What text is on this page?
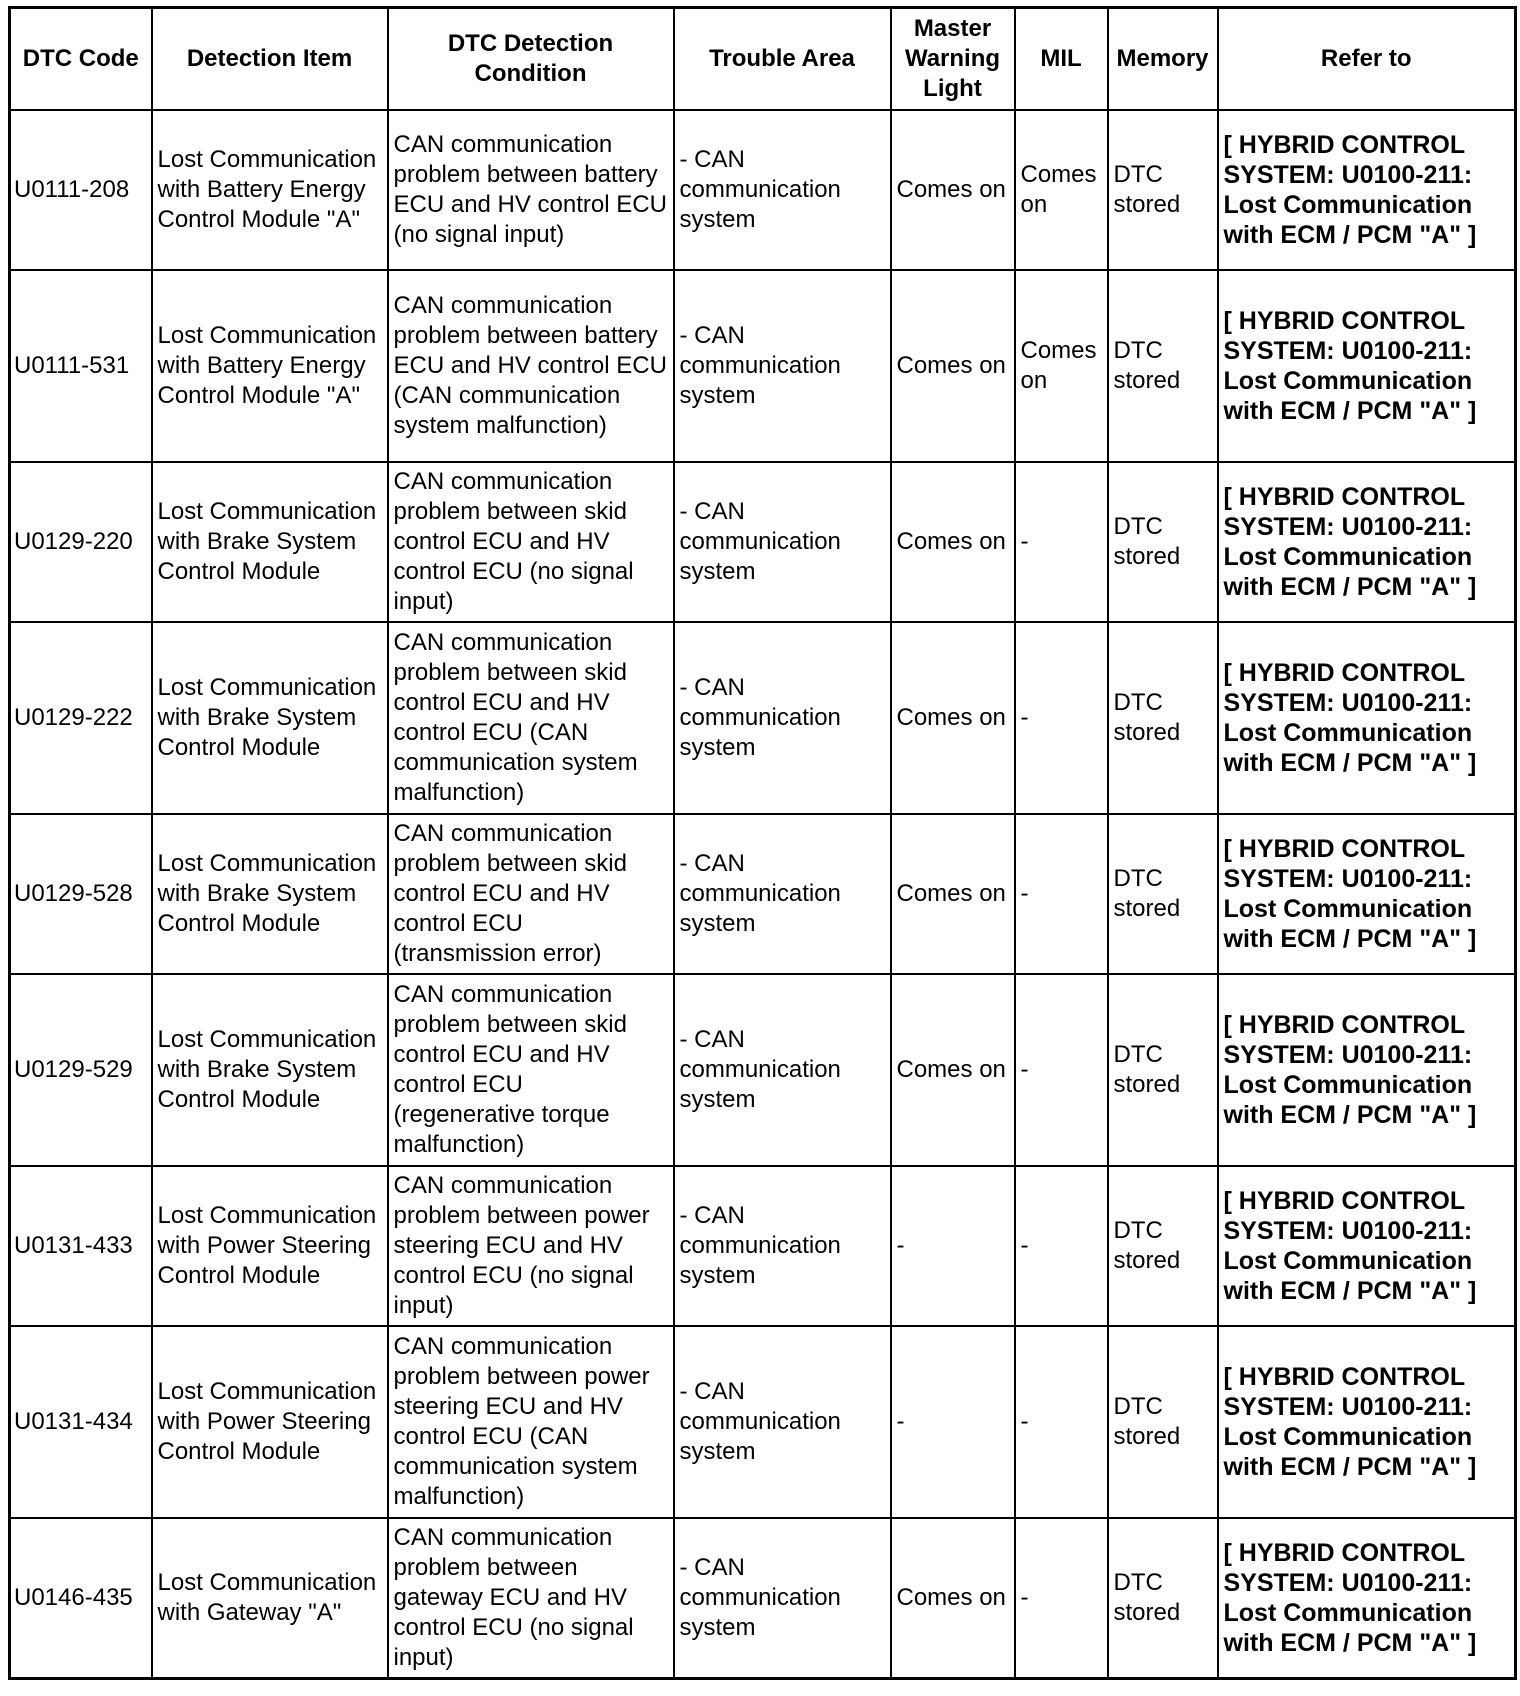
DTC Code	Detection Item	DTC Detection Condition	Trouble Area	Master Warning Light	MIL	Memory	Refer to
U0111-208	Lost Communication with Battery Energy Control Module "A"	CAN communication problem between battery ECU and HV control ECU (no signal input)	- CAN communication system	Comes on	Comes on	DTC stored	[ HYBRID CONTROL SYSTEM: U0100-211: Lost Communication with ECM / PCM "A" ]
U0111-531	Lost Communication with Battery Energy Control Module "A"	CAN communication problem between battery ECU and HV control ECU (CAN communication system malfunction)	- CAN communication system	Comes on	Comes on	DTC stored	[ HYBRID CONTROL SYSTEM: U0100-211: Lost Communication with ECM / PCM "A" ]
U0129-220	Lost Communication with Brake System Control Module	CAN communication problem between skid control ECU and HV control ECU (no signal input)	- CAN communication system	Comes on	-	DTC stored	[ HYBRID CONTROL SYSTEM: U0100-211: Lost Communication with ECM / PCM "A" ]
U0129-222	Lost Communication with Brake System Control Module	CAN communication problem between skid control ECU and HV control ECU (CAN communication system malfunction)	- CAN communication system	Comes on	-	DTC stored	[ HYBRID CONTROL SYSTEM: U0100-211: Lost Communication with ECM / PCM "A" ]
U0129-528	Lost Communication with Brake System Control Module	CAN communication problem between skid control ECU and HV control ECU (transmission error)	- CAN communication system	Comes on	-	DTC stored	[ HYBRID CONTROL SYSTEM: U0100-211: Lost Communication with ECM / PCM "A" ]
U0129-529	Lost Communication with Brake System Control Module	CAN communication problem between skid control ECU and HV control ECU (regenerative torque malfunction)	- CAN communication system	Comes on	-	DTC stored	[ HYBRID CONTROL SYSTEM: U0100-211: Lost Communication with ECM / PCM "A" ]
U0131-433	Lost Communication with Power Steering Control Module	CAN communication problem between power steering ECU and HV control ECU (no signal input)	- CAN communication system	-	-	DTC stored	[ HYBRID CONTROL SYSTEM: U0100-211: Lost Communication with ECM / PCM "A" ]
U0131-434	Lost Communication with Power Steering Control Module	CAN communication problem between power steering ECU and HV control ECU (CAN communication system malfunction)	- CAN communication system	-	-	DTC stored	[ HYBRID CONTROL SYSTEM: U0100-211: Lost Communication with ECM / PCM "A" ]
U0146-435	Lost Communication with Gateway "A"	CAN communication problem between gateway ECU and HV control ECU (no signal input)	- CAN communication system	Comes on	-	DTC stored	[ HYBRID CONTROL SYSTEM: U0100-211: Lost Communication with ECM / PCM "A" ]
